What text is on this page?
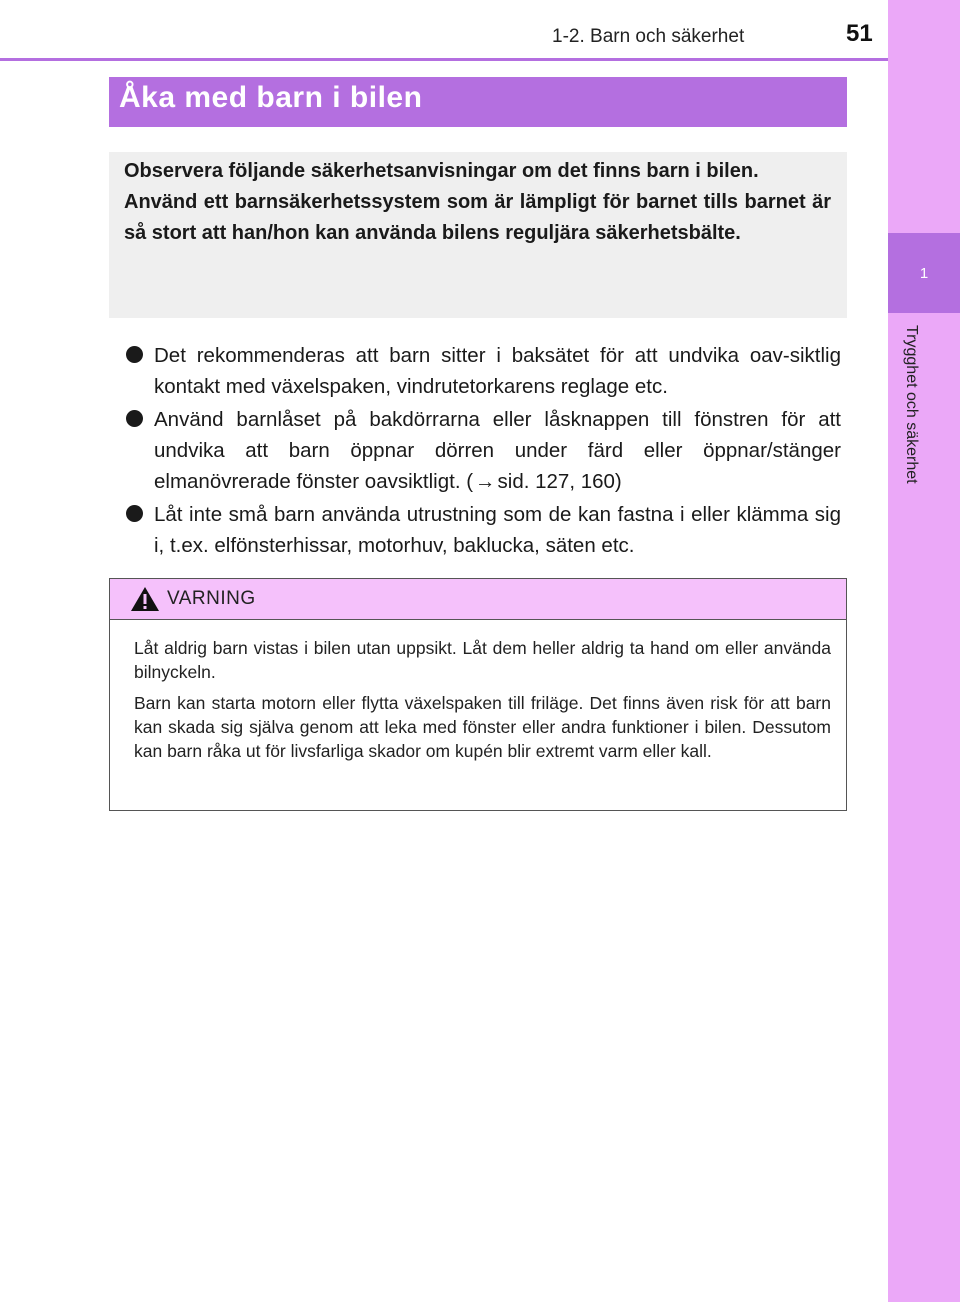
1-2. Barn och säkerhet	51
1
Trygghet och säkerhet
Åka med barn i bilen

Observera följande säkerhetsanvisningar om det finns barn i bilen.

Använd ett barnsäkerhetssystem som är lämpligt för barnet tills barnet är så stort att han/hon kan använda bilens reguljära säkerhetsbälte.

Det rekommenderas att barn sitter i baksätet för att undvika oav-siktlig kontakt med växelspaken, vindrutetorkarens reglage etc.
Använd barnlåset på bakdörrarna eller låsknappen till fönstren för att undvika att barn öppnar dörren under färd eller öppnar/stänger elmanövrerade fönster oavsiktligt. (→sid. 127, 160)
Låt inte små barn använda utrustning som de kan fastna i eller klämma sig i, t.ex. elfönsterhissar, motorhuv, baklucka, säten etc.
VARNING

Låt aldrig barn vistas i bilen utan uppsikt. Låt dem heller aldrig ta hand om eller använda bilnyckeln.

Barn kan starta motorn eller flytta växelspaken till friläge. Det finns även risk för att barn kan skada sig själva genom att leka med fönster eller andra funktioner i bilen. Dessutom kan barn råka ut för livsfarliga skador om kupén blir extremt varm eller kall.
